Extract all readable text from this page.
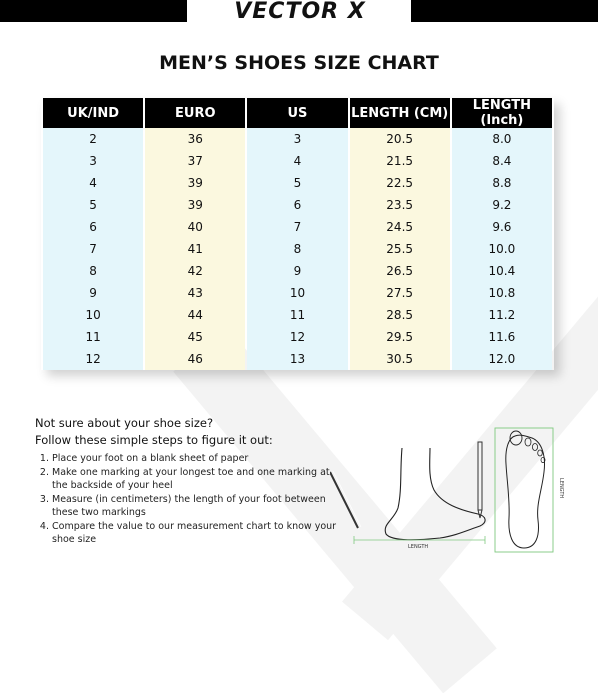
VECTOR X
MEN’S SHOES SIZE CHART
UK/IND	EURO	US	LENGTH (CM)	LENGTH (Inch)
2	36	3	20.5	8.0
3	37	4	21.5	8.4
4	39	5	22.5	8.8
5	39	6	23.5	9.2
6	40	7	24.5	9.6
7	41	8	25.5	10.0
8	42	9	26.5	10.4
9	43	10	27.5	10.8
10	44	11	28.5	11.2
11	45	12	29.5	11.6
12	46	13	30.5	12.0
Not sure about your shoe size?
Follow these simple steps to figure it out:
1. Place your foot on a blank sheet of paper
2. Make one marking at your longest toe and one marking at the backside of your heel
3. Measure (in centimeters) the length of your foot between these two markings
4. Compare the value to our measurement chart to know your shoe size
LENGTH
LENGTH
